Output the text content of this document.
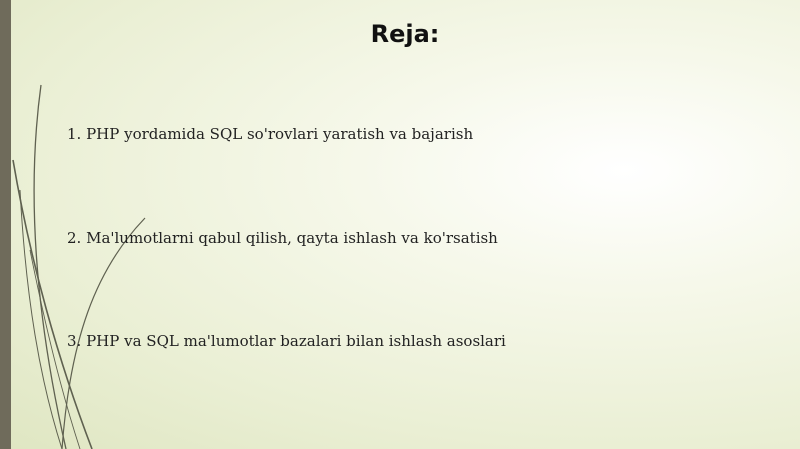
Reja:
1. PHP yordamida SQL so'rovlari yaratish va bajarish
2. Ma'lumotlarni qabul qilish, qayta ishlash va ko'rsatish
3. PHP va SQL ma'lumotlar bazalari bilan ishlash asoslari
